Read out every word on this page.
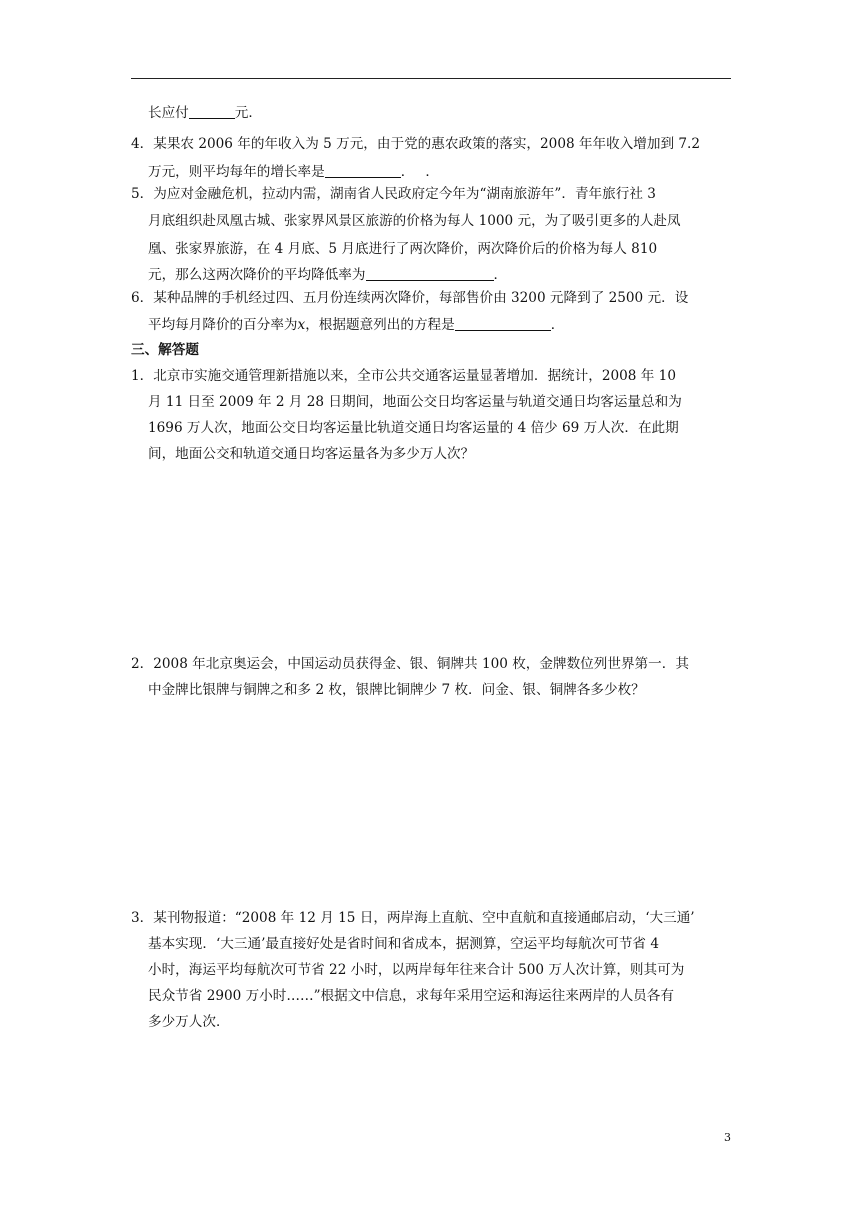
长应付	元．
4．某果农 2006 年的年收入为 5 万元，由于党的惠农政策的落实，2008 年年收入增加到 7.2
万元，则平均每年的增长率是	．　 ．
5．为应对金融危机，拉动内需，湖南省人民政府定今年为“湖南旅游年”．青年旅行社 3
月底组织赴凤凰古城、张家界风景区旅游的价格为每人 1000 元，为了吸引更多的人赴凤
凰、张家界旅游，在 4 月底、5 月底进行了两次降价，两次降价后的价格为每人 810
元，那么这两次降价的平均降低率为	．
6．某种品牌的手机经过四、五月份连续两次降价，每部售价由 3200 元降到了 2500 元．设
平均每月降价的百分率为x，根据题意列出的方程是	．
三、解答题
1．北京市实施交通管理新措施以来，全市公共交通客运量显著增加．据统计，2008 年 10
月 11 日至 2009 年 2 月 28 日期间，地面公交日均客运量与轨道交通日均客运量总和为
1696 万人次，地面公交日均客运量比轨道交通日均客运量的 4 倍少 69 万人次．在此期
间，地面公交和轨道交通日均客运量各为多少万人次？
2．2008 年北京奥运会，中国运动员获得金、银、铜牌共 100 枚，金牌数位列世界第一．其
中金牌比银牌与铜牌之和多 2 枚，银牌比铜牌少 7 枚．问金、银、铜牌各多少枚？
3．某刊物报道：“2008 年 12 月 15 日，两岸海上直航、空中直航和直接通邮启动，‘大三通’
基本实现．‘大三通’最直接好处是省时间和省成本，据测算，空运平均每航次可节省 4
小时，海运平均每航次可节省 22 小时，以两岸每年往来合计 500 万人次计算，则其可为
民众节省 2900 万小时……”根据文中信息，求每年采用空运和海运往来两岸的人员各有
多少万人次．
3
